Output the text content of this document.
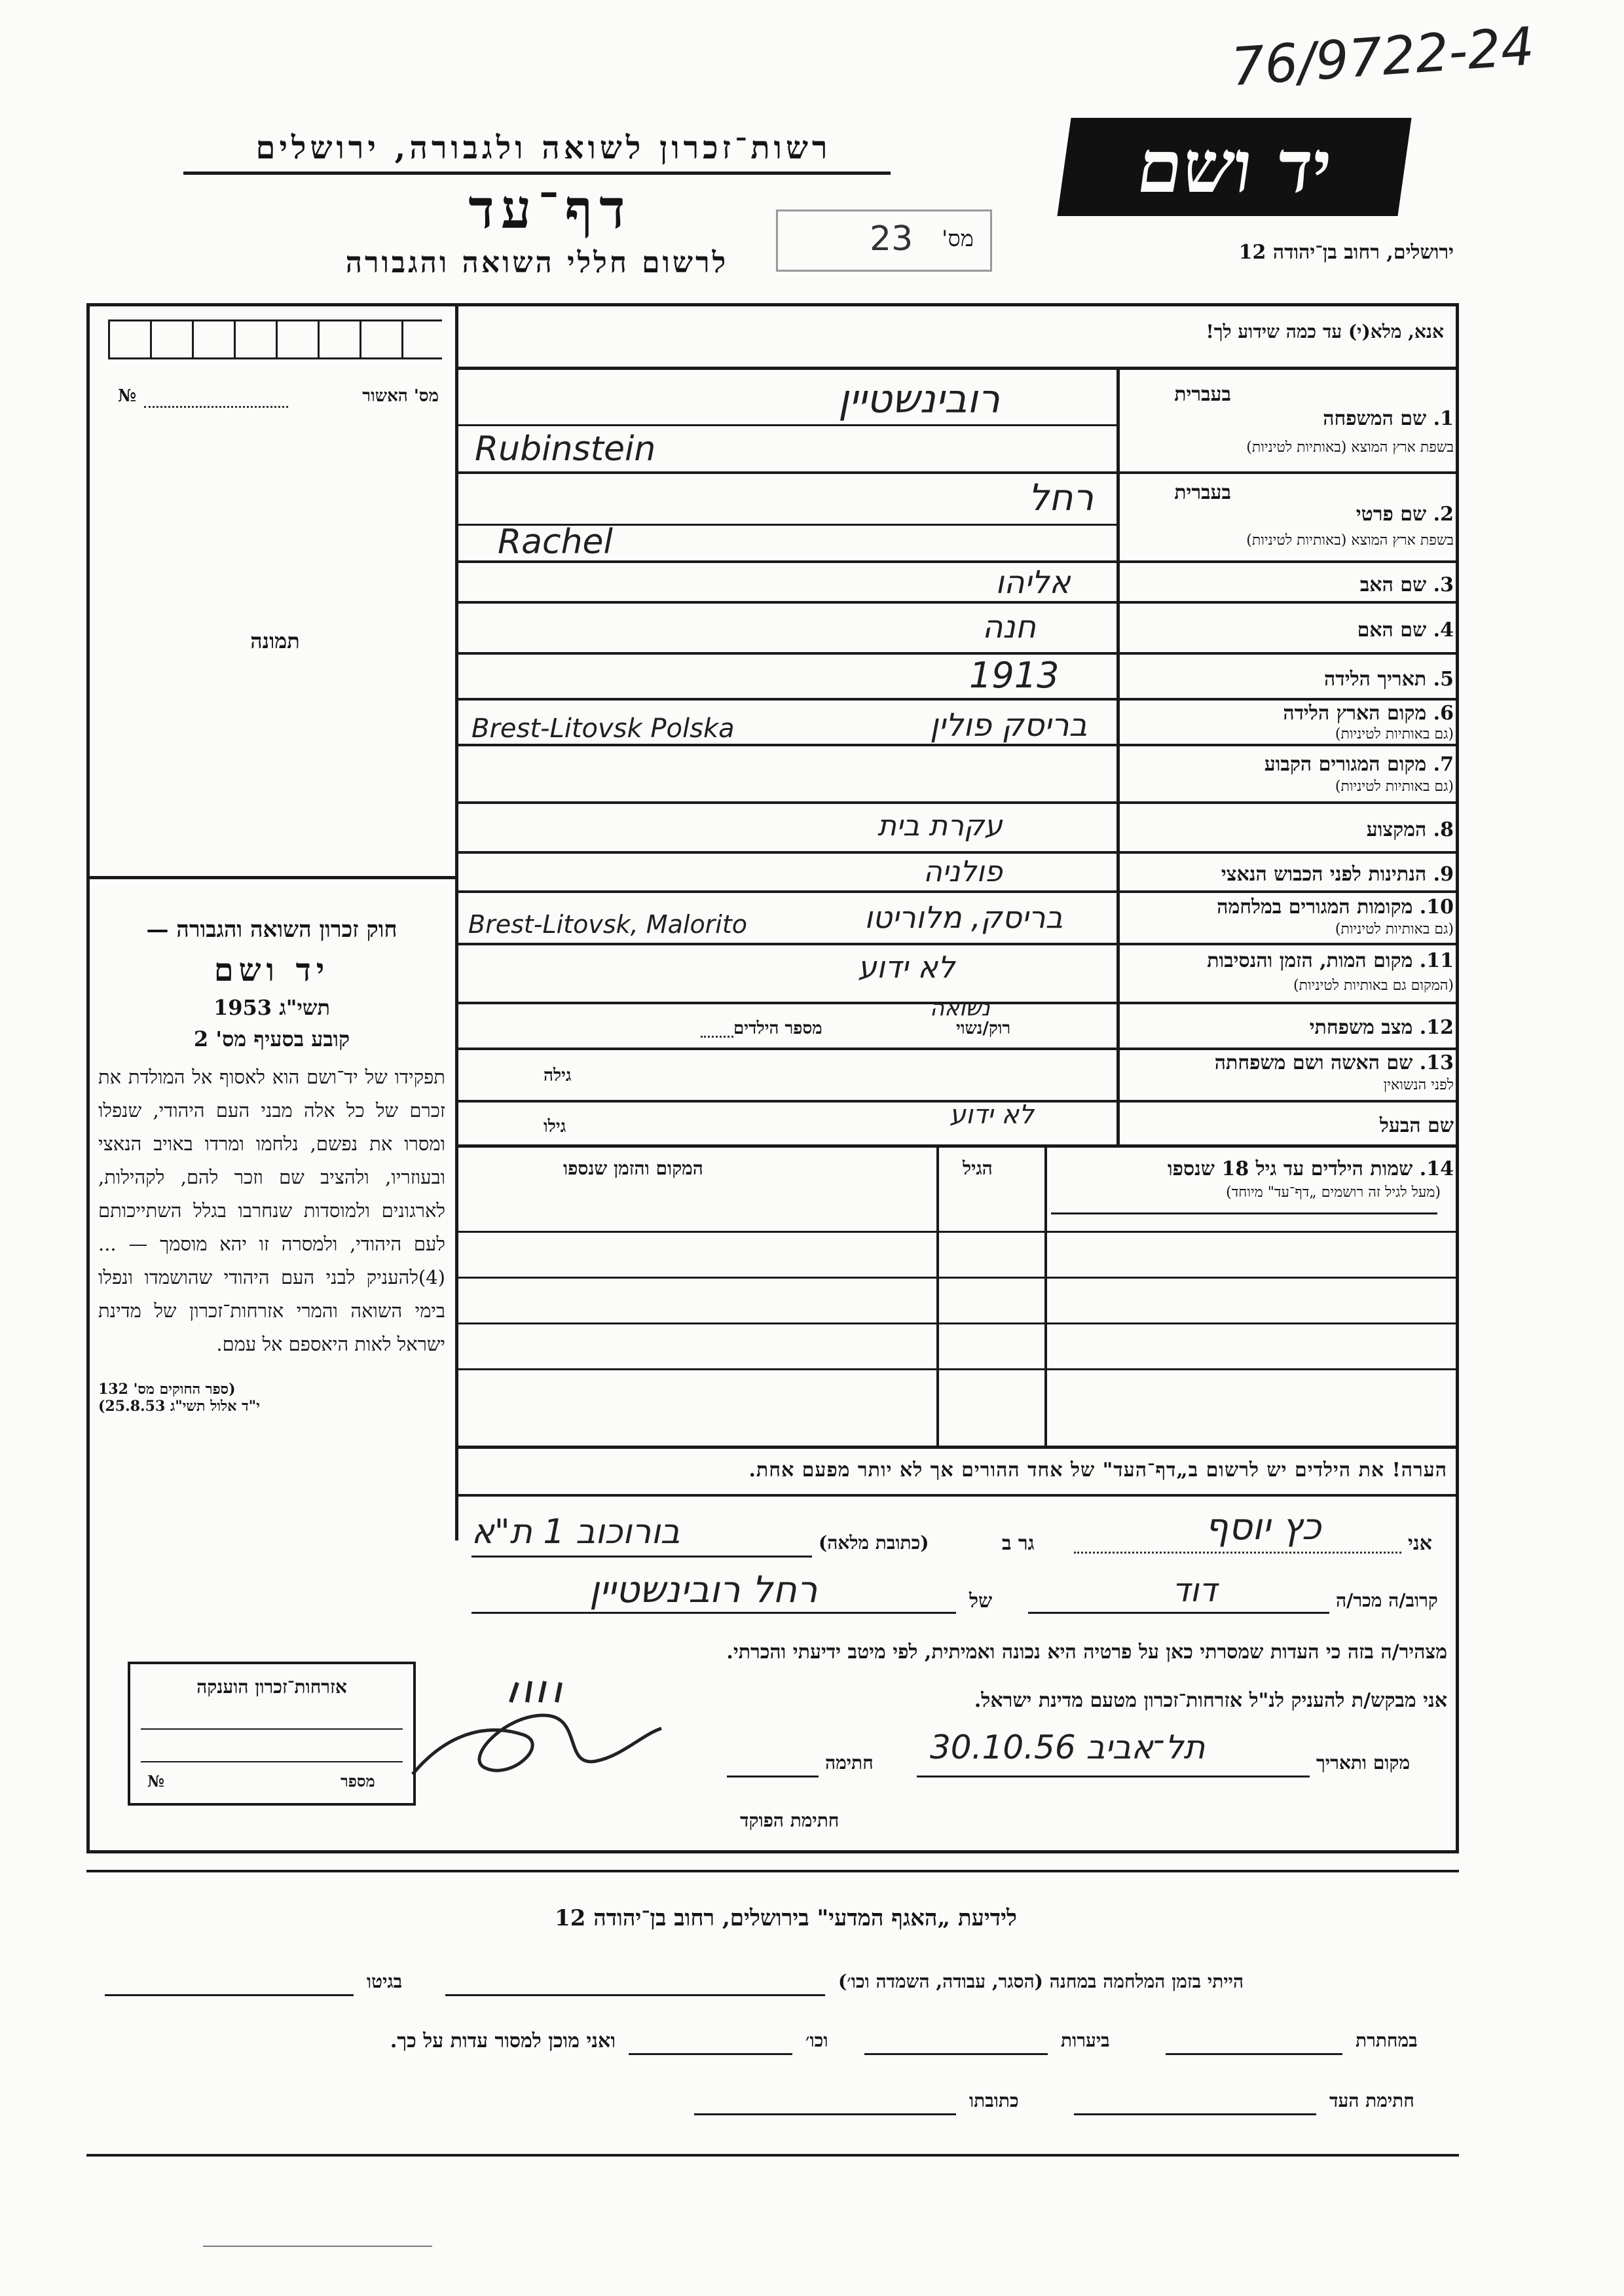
76/9722-24
יד ושם
ירושלים, רחוב בן־יהודה 12
רשות־זכרון לשואה ולגבורה, ירושלים
דף־עד
לרשום חללי השואה והגבורה
23 מס'
מס' האשור
№
תמונה

חוק זכרון השואה והגבורה —

יד ושם

תשי"ג 1953

קובע בסעיף מס' 2

תפקידו של יד־ושם הוא לאסוף אל המולדת את זכרם של כל אלה מבני העם היהודי, שנפלו ומסרו את נפשם, נלחמו ומרדו באויב הנאצי ובעוזריו, ולהציב שם וזכר להם, לקהילות, לארגונים ולמוסדות שנחרבו בגלל השתייכותם לעם היהודי, ולמסרה זו יהא מוסמך — ...(4)להעניק לבני העם היהודי שהושמדו ונפלו בימי השואה והמרי אזרחות־זכרון של מדינת ישראל לאות היאספם אל עמם.

(ספר החוקים מס' 132

י"ד אלול תשי"ג 25.8.53)

אנא, מלא(י) עד כמה שידוע לך!
בעברית
1. שם המשפחה
בשפת ארץ המוצא (באותיות לטיניות)
רובינשטיין
Rubinstein
בעברית
2. שם פרטי
בשפת ארץ המוצא (באותיות לטיניות)
רחל
Rachel
3. שם האב
אליהו
4. שם האם
חנה
5. תאריך הלידה
1913
6. מקום הארץ הלידה
(גם באותיות לטיניות)
בריסק פולין
Brest-Litovsk Polska
7. מקום המגורים הקבוע
(גם באותיות לטיניות)
8. המקצוע
עקרת בית
9. הנתינות לפני הכבוש הנאצי
פולניה
10. מקומות המגורים במלחמה
(גם באותיות לטיניות)
בריסק, מלוריטו
Brest-Litovsk, Malorito
11. מקום המות, הזמן והנסיבות
(המקום גם באותיות לטיניות)
לא ידוע
12. מצב משפחתי
רוק/נשוי
נשואה
מספר הילדים
13. שם האשה ושם משפחתה
לפני הנשואין
גילה
שם הבעל
לא ידוע
גילו
14. שמות הילדים עד גיל 18 שנספו
(מעל לגיל זה רושמים „דף־עד" מיוחד)
הגיל
המקום והזמן שנספו
הערה! את הילדים יש לרשום ב„דף־העד" של אחד ההורים אך לא יותר מפעם אחת.
אני
כץ יוסף
גר ב
(כתובת מלאה)
בורוכוב 1 ת"א
קרוב/ה מכר/ה
דוד
של
רחל רובינשטיין
מצהיר/ה בזה כי העדות שמסרתי כאן על פרטיה היא נכונה ואמיתית, לפי מיטב ידיעתי והכרתי.
אני מבקש/ת להעניק לנ"ל אזרחות־זכרון מטעם מדינת ישראל.
מקום ותאריך
תל־אביב 30.10.56
חתימה
חתימת הפוקד
אזרחות־זכרון הוענקה
מספר
№
לידיעת „האגף המדעי" בירושלים, רחוב בן־יהודה 12
הייתי בזמן המלחמה במחנה (הסגר, עבודה, השמדה וכו׳)
בגיטו
במחתרת
ביערות
וכו׳
ואני מוכן למסור עדות על כך.
חתימת העד
כתובתו
